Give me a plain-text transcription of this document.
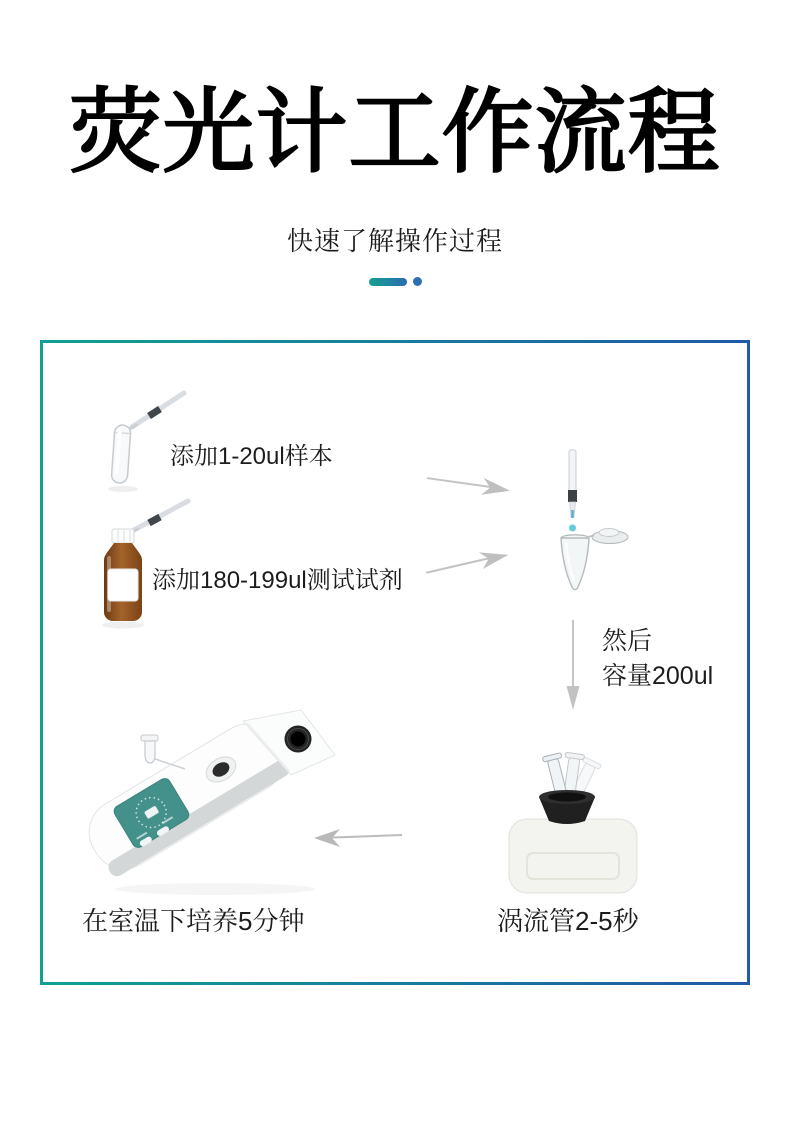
荧光计工作流程
快速了解操作过程
添加1-20ul样本
添加180-199ul测试试剂
然后
容量200ul
涡流管2-5秒
在室温下培养5分钟
